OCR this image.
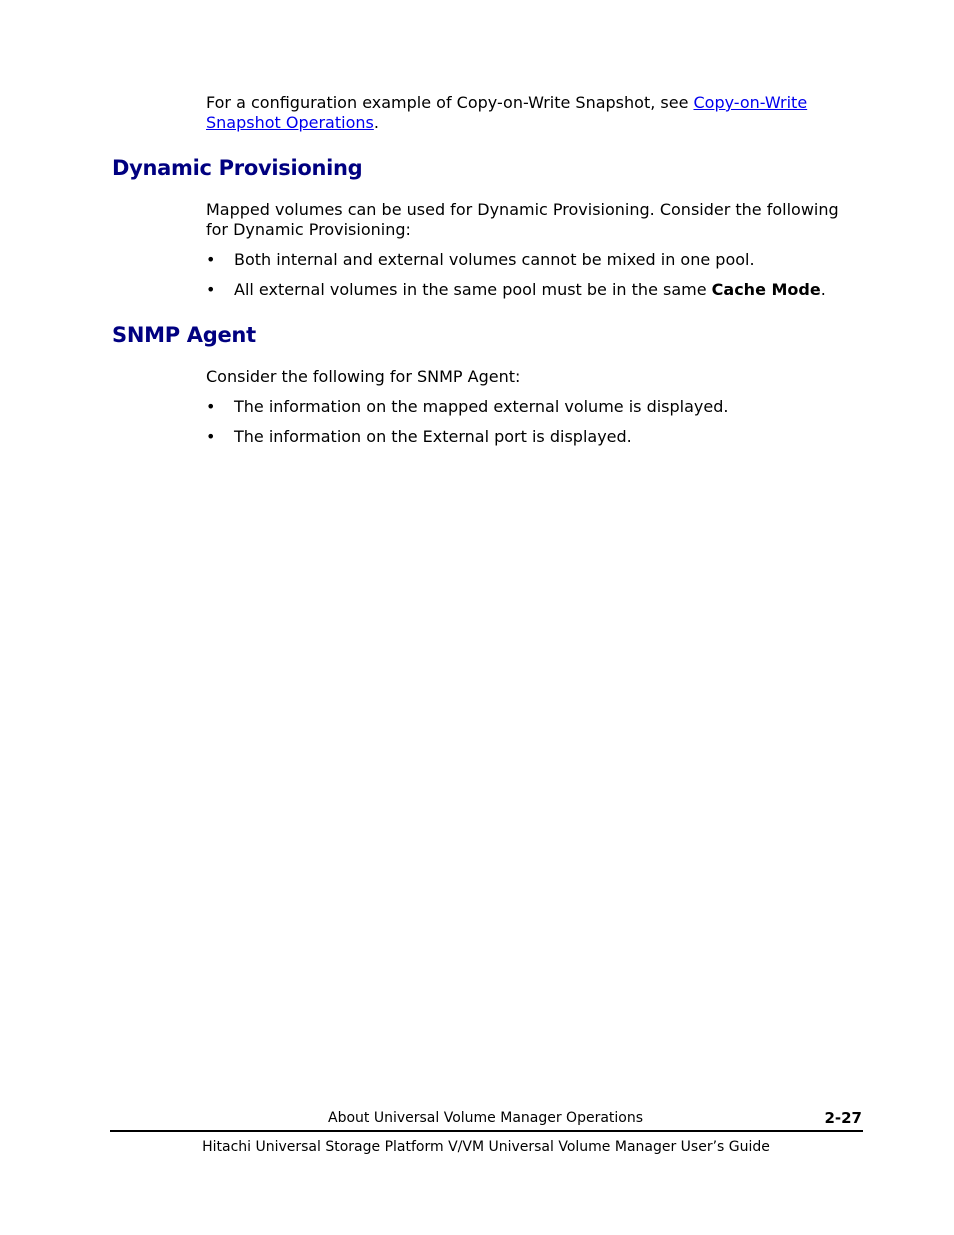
For a configuration example of Copy-on-Write Snapshot, see Copy-on-Write
Snapshot Operations.

Dynamic Provisioning

Mapped volumes can be used for Dynamic Provisioning. Consider the following
for Dynamic Provisioning:

•	Both internal and external volumes cannot be mixed in one pool.
•	All external volumes in the same pool must be in the same Cache Mode.
SNMP Agent

Consider the following for SNMP Agent:

•	The information on the mapped external volume is displayed.
•	The information on the External port is displayed.
About Universal Volume Manager Operations	2-27
Hitachi Universal Storage Platform V/VM Universal Volume Manager User’s Guide
